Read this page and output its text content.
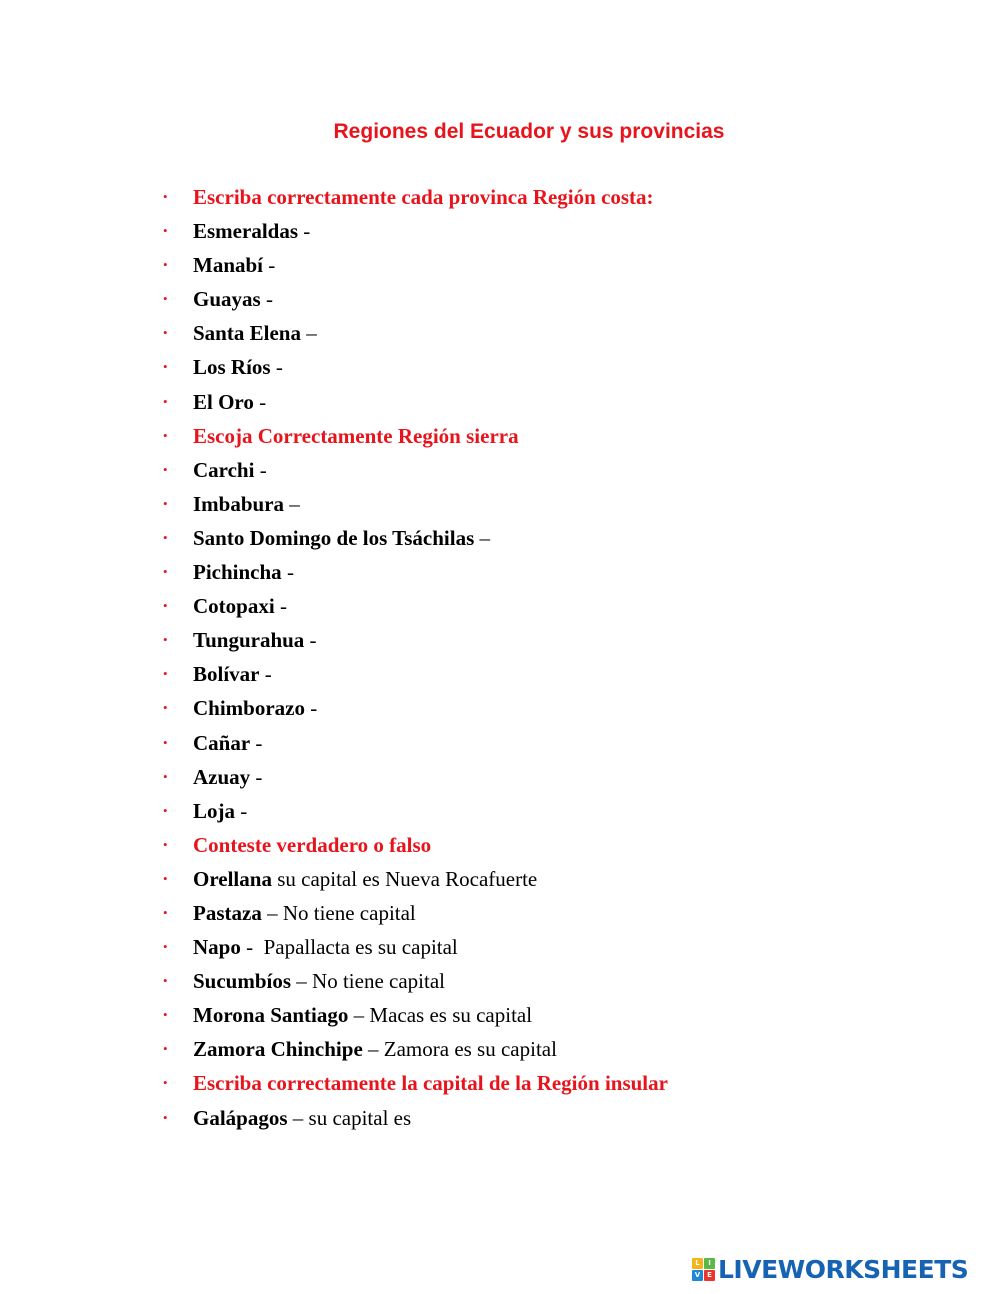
Regiones del Ecuador y sus provincias
• Escriba correctamente cada provinca Región costa:
• Esmeraldas -
• Manabí -
• Guayas -
• Santa Elena –
• Los Ríos -
• El Oro -
• Escoja Correctamente Región sierra
• Carchi -
• Imbabura –
• Santo Domingo de los Tsáchilas –
• Pichincha -
• Cotopaxi -
• Tungurahua -
• Bolívar -
• Chimborazo -
• Cañar -
• Azuay -
• Loja -
• Conteste verdadero o falso
• Orellana su capital es Nueva Rocafuerte
• Pastaza – No tiene capital
• Napo -  Papallacta es su capital
• Sucumbíos – No tiene capital
• Morona Santiago – Macas es su capital
• Zamora Chinchipe – Zamora es su capital
• Escriba correctamente la capital de la Región insular
• Galápagos – su capital es
L	I
V E LIVEWORKSHEETS
